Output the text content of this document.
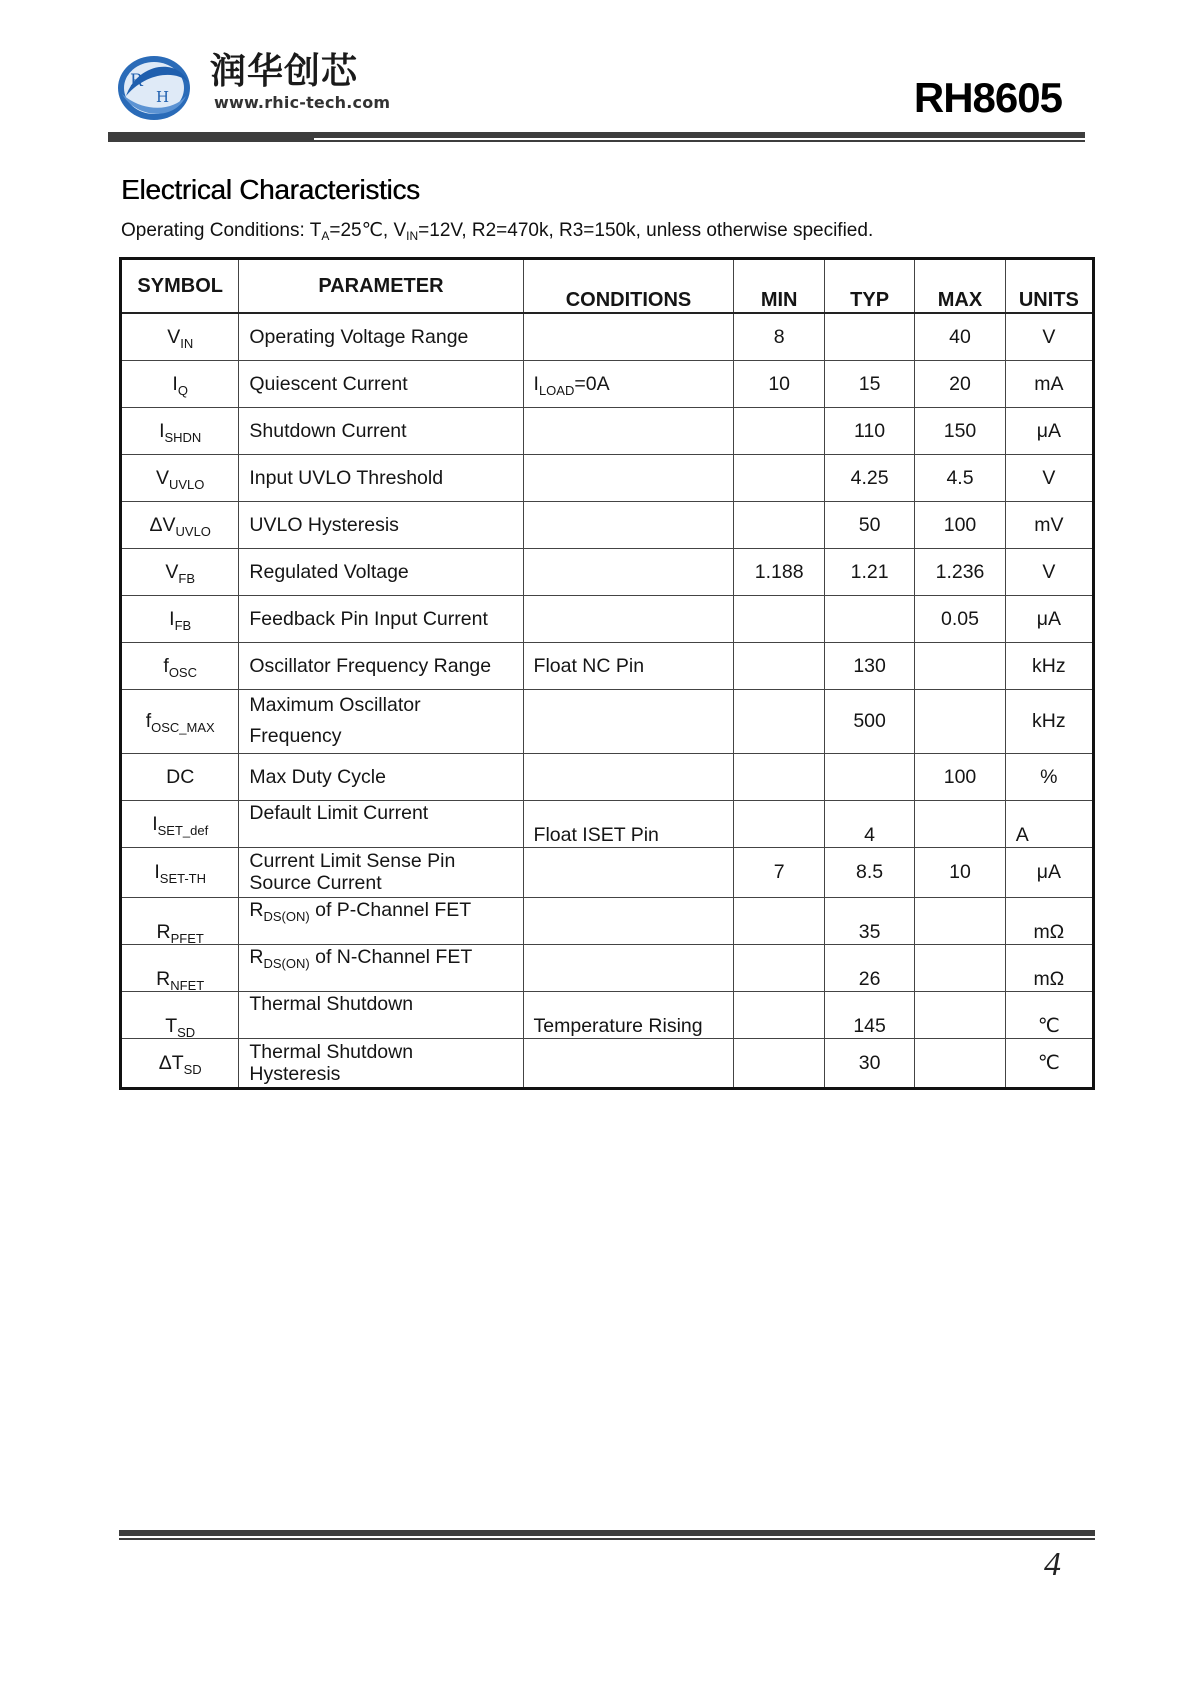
R
H
润华创芯
www.rhic-tech.com	RH8605
Electrical Characteristics
Operating Conditions: $T_A=25℃$, $V_{IN}=12V$, R2=470k, R3=150k, unless otherwise specified.
SYMBOL	PARAMETER	CONDITIONS	MIN	TYP	MAX	UNITS
$V_{IN}$	Operating Voltage Range		8		40	V
$I_Q$	Quiescent Current	$I_{LOAD}=0A$	10	15	20	mA
$I_{SHDN}$	Shutdown Current			110	150	μA
$V_{UVLO}$	Input UVLO Threshold			4.25	4.5	V
$\Delta V_{UVLO}$	UVLO Hysteresis			50	100	mV
$V_{FB}$	Regulated Voltage		1.188	1.21	1.236	V
$I_{FB}$	Feedback Pin Input Current				0.05	μA
$f_{OSC}$	Oscillator Frequency Range	Float NC Pin		130		kHz
$f_{OSC\_MAX}$	Maximum Oscillator
Frequency			500		kHz
DC	Max Duty Cycle				100	%
$I_{SET\_def}$	Default Limit Current	Float ISET Pin		4		A
$I_{SET-TH}$	Current Limit Sense Pin
Source Current		7	8.5	10	μA
$R_{PFET}$	$R_{DS(ON)}$ of P-Channel FET			35		mΩ
$R_{NFET}$	$R_{DS(ON)}$ of N-Channel FET			26		mΩ
$T_{SD}$	Thermal Shutdown	Temperature Rising		145		℃
$\Delta T_{SD}$	Thermal Shutdown
Hysteresis			30		℃
4
